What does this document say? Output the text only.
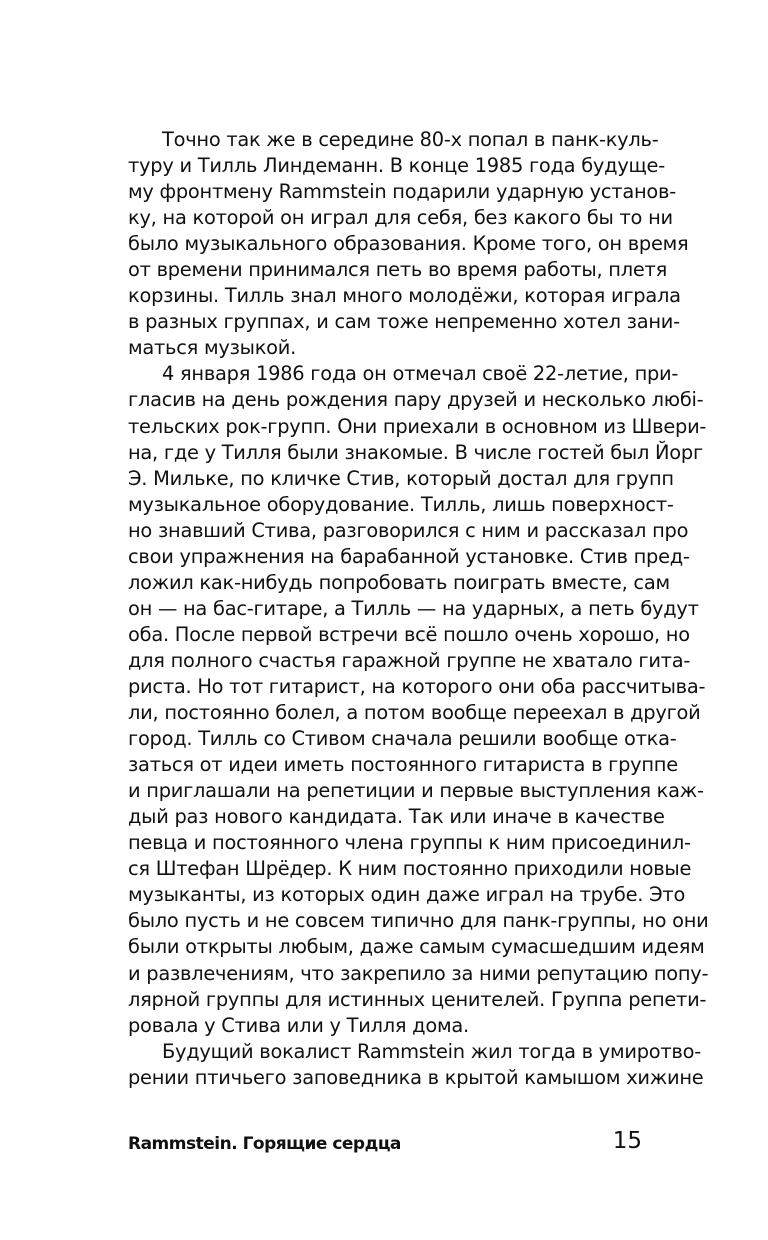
Точно так же в середине 80-х попал в панк-куль-
туру и Тилль Линдеманн. В конце 1985 года будуще-
му фронтмену Rammstein подарили ударную установ-
ку, на которой он играл для себя, без какого бы то ни
было музыкального образования. Кроме того, он время
от времени принимался петь во время работы, плетя
корзины. Тилль знал много молодёжи, которая играла
в разных группах, и сам тоже непременно хотел зани-
маться музыкой.
4 января 1986 года он отмечал своё 22-летие, при-
гласив на день рождения пару друзей и несколько любі-
тельских рок-групп. Они приехали в основном из Швери-
на, где у Тилля были знакомые. В числе гостей был Йорг
Э. Мильке, по кличке Стив, который достал для групп
музыкальное оборудование. Тилль, лишь поверхност-
но знавший Стива, разговорился с ним и рассказал про
свои упражнения на барабанной установке. Стив пред-
ложил как-нибудь попробовать поиграть вместе, сам
он — на бас-гитаре, а Тилль — на ударных, а петь будут
оба. После первой встречи всё пошло очень хорошо, но
для полного счастья гаражной группе не хватало гита-
риста. Но тот гитарист, на которого они оба рассчитыва-
ли, постоянно болел, а потом вообще переехал в другой
город. Тилль со Стивом сначала решили вообще отка-
заться от идеи иметь постоянного гитариста в группе
и приглашали на репетиции и первые выступления каж-
дый раз нового кандидата. Так или иначе в качестве
певца и постоянного члена группы к ним присоединил-
ся Штефан Шрёдер. К ним постоянно приходили новые
музыканты, из которых один даже играл на трубе. Это
было пусть и не совсем типично для панк-группы, но они
были открыты любым, даже самым сумасшедшим идеям
и развлечениям, что закрепило за ними репутацию попу-
лярной группы для истинных ценителей. Группа репети-
ровала у Стива или у Тилля дома.
Будущий вокалист Rammstein жил тогда в умиротво-
рении птичьего заповедника в крытой камышом хижине
Rammstein. Горящие сердца	15
